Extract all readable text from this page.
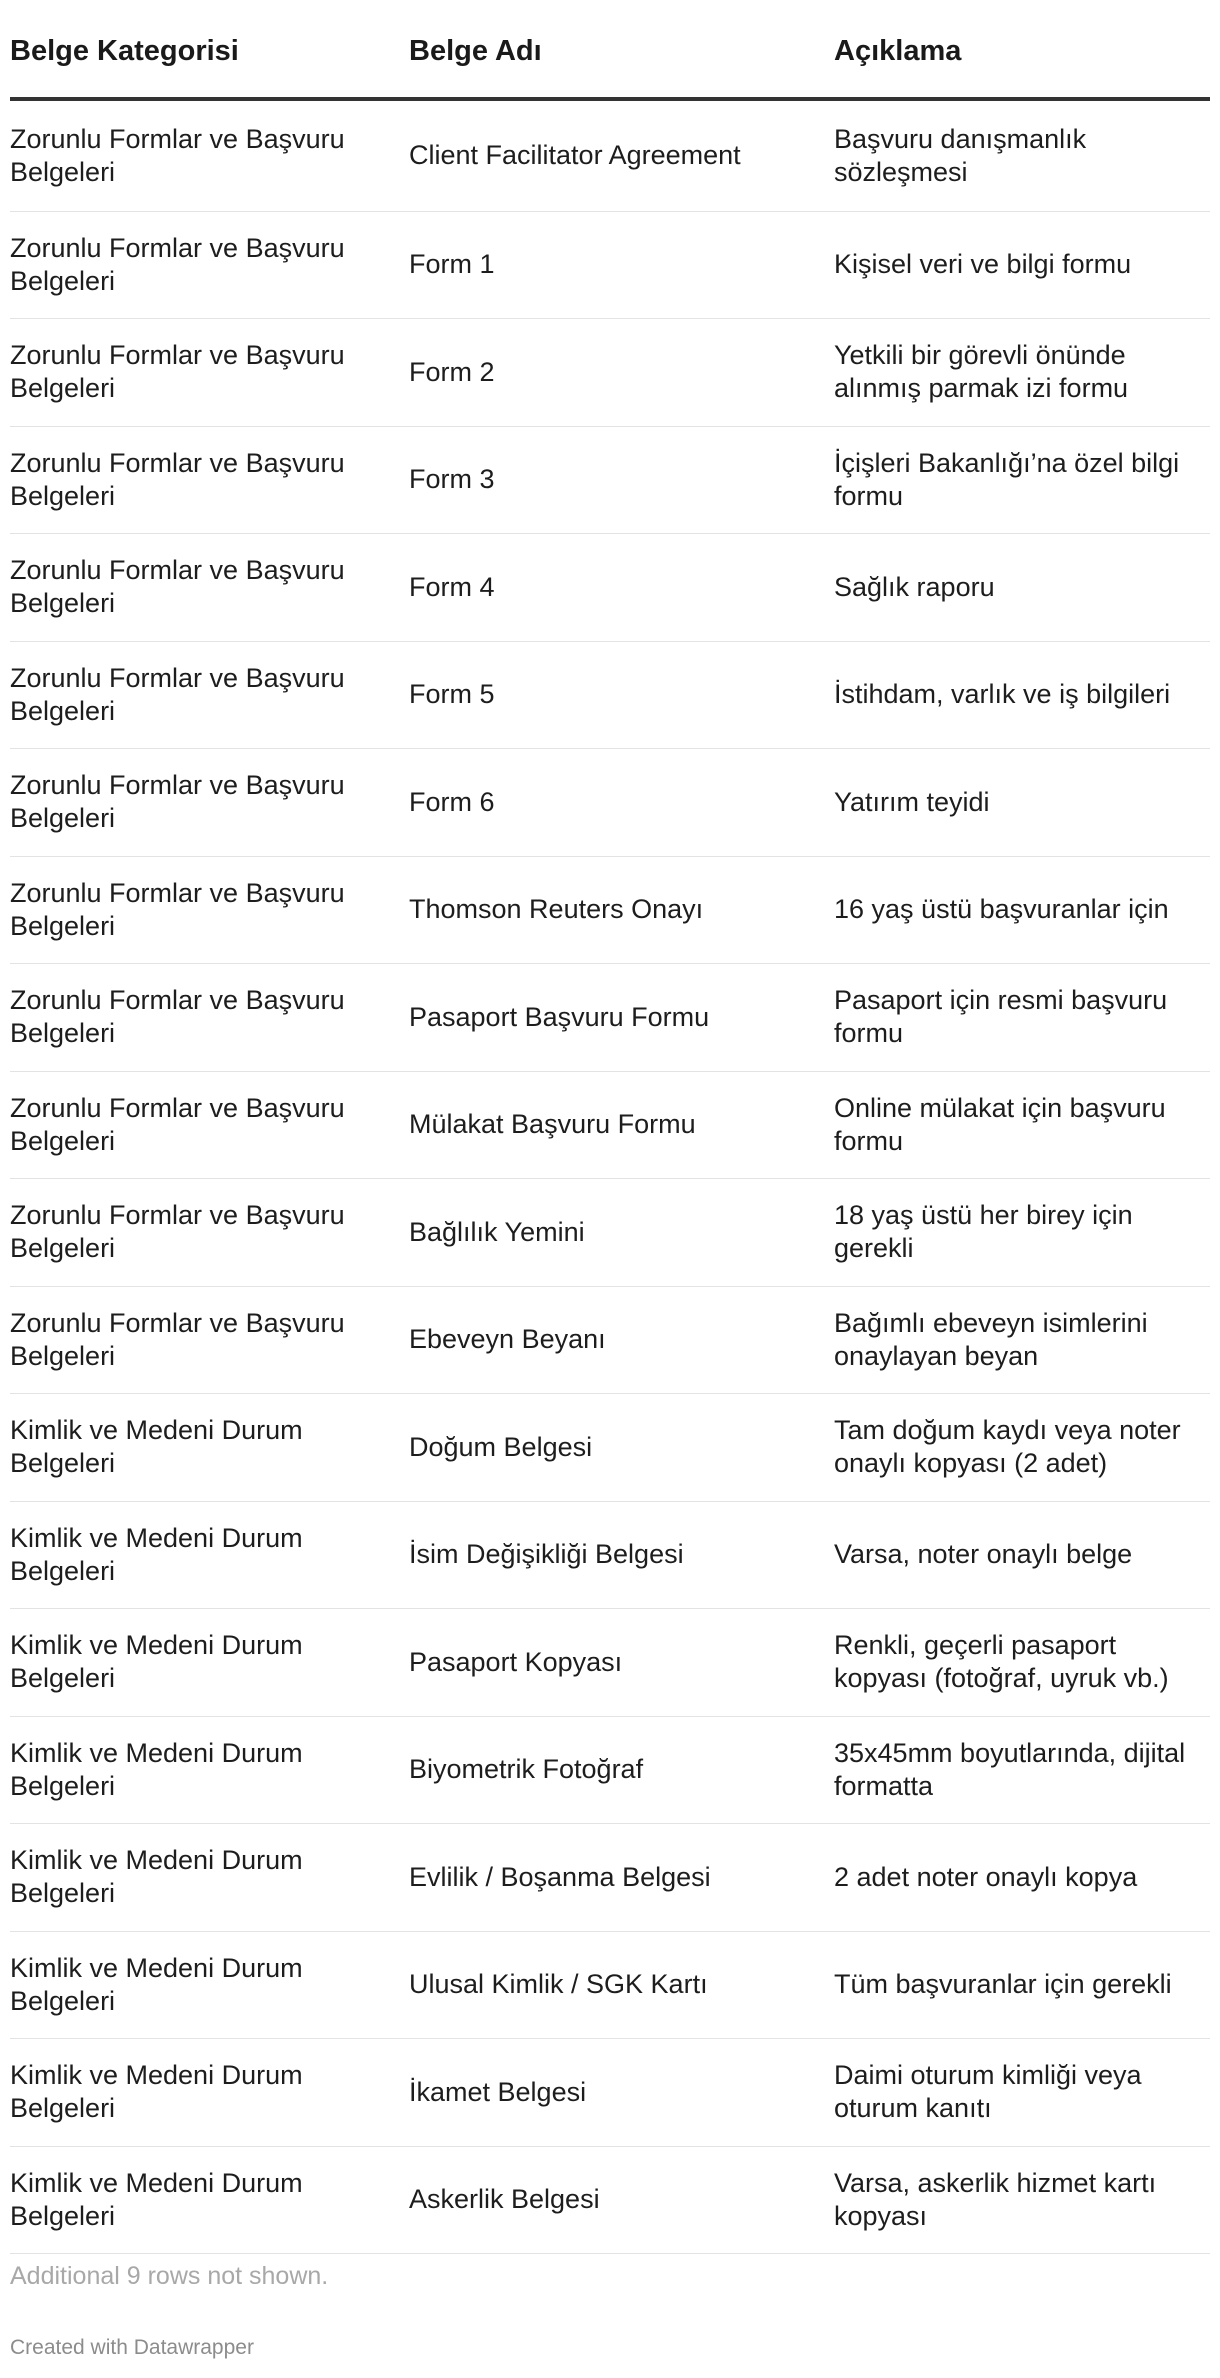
Belge Kategorisi	Belge Adı	Açıklama
Zorunlu Formlar ve Başvuru Belgeleri	Client Facilitator Agreement	Başvuru danışmanlık sözleşmesi
Zorunlu Formlar ve Başvuru Belgeleri	Form 1	Kişisel veri ve bilgi formu
Zorunlu Formlar ve Başvuru Belgeleri	Form 2	Yetkili bir görevli önünde alınmış parmak izi formu
Zorunlu Formlar ve Başvuru Belgeleri	Form 3	İçişleri Bakanlığı’na özel bilgi formu
Zorunlu Formlar ve Başvuru Belgeleri	Form 4	Sağlık raporu
Zorunlu Formlar ve Başvuru Belgeleri	Form 5	İstihdam, varlık ve iş bilgileri
Zorunlu Formlar ve Başvuru Belgeleri	Form 6	Yatırım teyidi
Zorunlu Formlar ve Başvuru Belgeleri	Thomson Reuters Onayı	16 yaş üstü başvuranlar için
Zorunlu Formlar ve Başvuru Belgeleri	Pasaport Başvuru Formu	Pasaport için resmi başvuru formu
Zorunlu Formlar ve Başvuru Belgeleri	Mülakat Başvuru Formu	Online mülakat için başvuru formu
Zorunlu Formlar ve Başvuru Belgeleri	Bağlılık Yemini	18 yaş üstü her birey için gerekli
Zorunlu Formlar ve Başvuru Belgeleri	Ebeveyn Beyanı	Bağımlı ebeveyn isimlerini onaylayan beyan
Kimlik ve Medeni Durum Belgeleri	Doğum Belgesi	Tam doğum kaydı veya noter onaylı kopyası (2 adet)
Kimlik ve Medeni Durum Belgeleri	İsim Değişikliği Belgesi	Varsa, noter onaylı belge
Kimlik ve Medeni Durum Belgeleri	Pasaport Kopyası	Renkli, geçerli pasaport kopyası (fotoğraf, uyruk vb.)
Kimlik ve Medeni Durum Belgeleri	Biyometrik Fotoğraf	35x45mm boyutlarında, dijital formatta
Kimlik ve Medeni Durum Belgeleri	Evlilik / Boşanma Belgesi	2 adet noter onaylı kopya
Kimlik ve Medeni Durum Belgeleri	Ulusal Kimlik / SGK Kartı	Tüm başvuranlar için gerekli
Kimlik ve Medeni Durum Belgeleri	İkamet Belgesi	Daimi oturum kimliği veya oturum kanıtı
Kimlik ve Medeni Durum Belgeleri	Askerlik Belgesi	Varsa, askerlik hizmet kartı kopyası
Additional 9 rows not shown.
Created with Datawrapper
